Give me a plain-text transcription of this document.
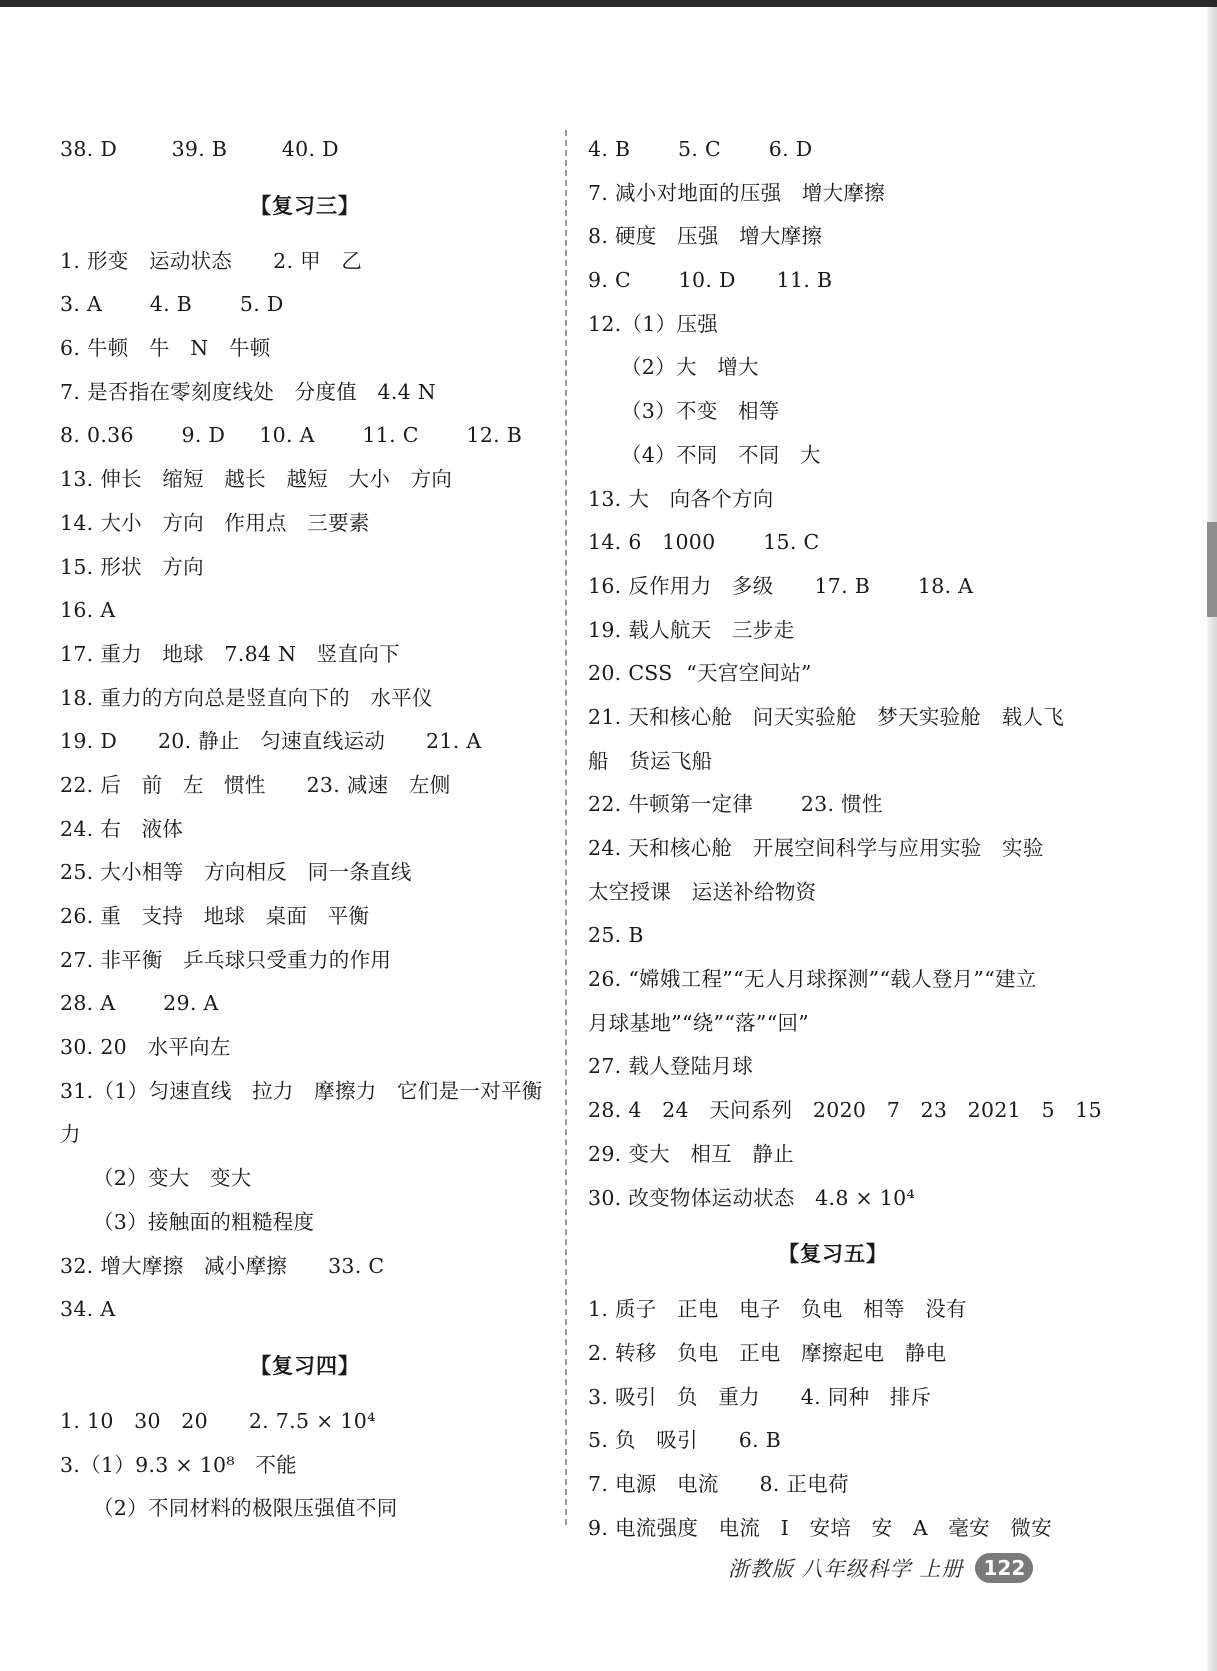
38. D        39. B        40. D
【复习三】
1. 形变   运动状态      2. 甲   乙
3. A       4. B       5. D
6. 牛顿   牛   N   牛顿
7. 是否指在零刻度线处   分度值   4.4 N
8. 0.36       9. D     10. A       11. C       12. B
13. 伸长   缩短   越长   越短   大小   方向
14. 大小   方向   作用点   三要素
15. 形状   方向
16. A
17. 重力   地球   7.84 N   竖直向下
18. 重力的方向总是竖直向下的   水平仪
19. D      20. 静止   匀速直线运动      21. A
22. 后   前   左   惯性      23. 减速   左侧
24. 右   液体
25. 大小相等   方向相反   同一条直线
26. 重   支持   地球   桌面   平衡
27. 非平衡   乒乓球只受重力的作用
28. A       29. A
30. 20   水平向左
31.（1）匀速直线   拉力   摩擦力   它们是一对平衡
力
（2）变大   变大
（3）接触面的粗糙程度
32. 增大摩擦   减小摩擦      33. C
34. A
【复习四】
1. 10   30   20      2. 7.5 × 10⁴
3.（1）9.3 × 10⁸   不能
（2）不同材料的极限压强值不同
4. B       5. C       6. D
7. 减小对地面的压强   增大摩擦
8. 硬度   压强   增大摩擦
9. C       10. D      11. B
12.（1）压强
（2）大   增大
（3）不变   相等
（4）不同   不同   大
13. 大   向各个方向
14. 6   1000       15. C
16. 反作用力   多级      17. B       18. A
19. 载人航天   三步走
20. CSS  “天宫空间站”
21. 天和核心舱   问天实验舱   梦天实验舱   载人飞
船   货运飞船
22. 牛顿第一定律       23. 惯性
24. 天和核心舱   开展空间科学与应用实验   实验
太空授课   运送补给物资
25. B
26. “嫦娥工程”“无人月球探测”“载人登月”“建立
月球基地”“绕”“落”“回”
27. 载人登陆月球
28. 4   24   天问系列   2020   7   23   2021   5   15
29. 变大   相互   静止
30. 改变物体运动状态   4.8 × 10⁴
【复习五】
1. 质子   正电   电子   负电   相等   没有
2. 转移   负电   正电   摩擦起电   静电
3. 吸引   负   重力      4. 同种   排斥
5. 负   吸引      6. B
7. 电源   电流      8. 正电荷
9. 电流强度   电流   I   安培   安   A   毫安   微安
浙教版 八年级科学 上册	122
